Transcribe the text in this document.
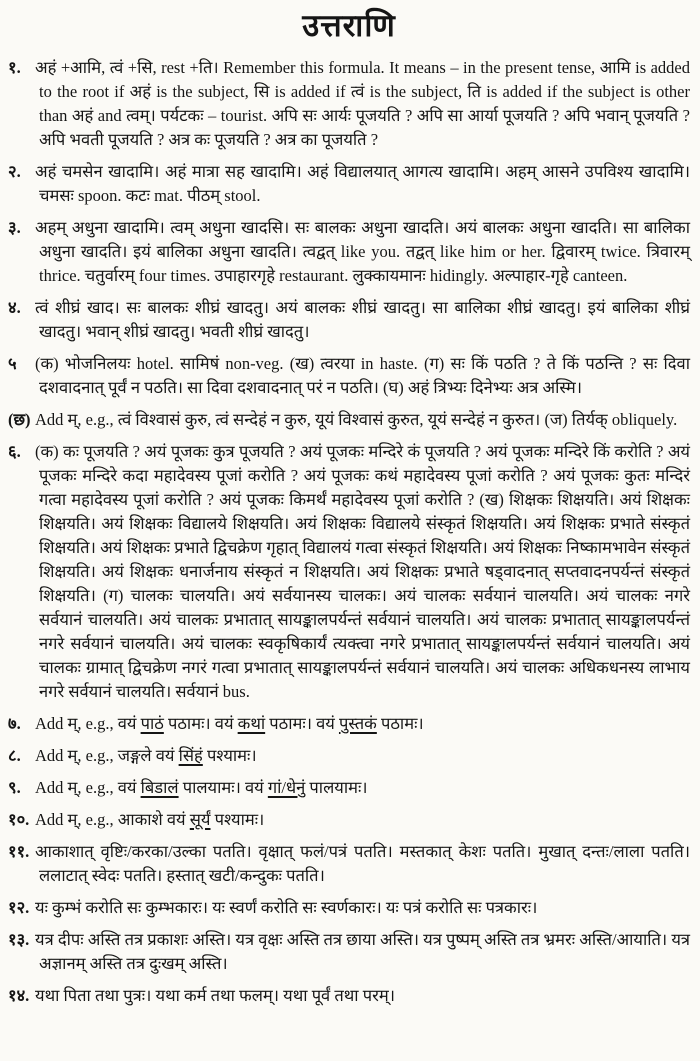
उत्तराणि
१. अहं +आमि, त्वं +सि, rest +ति। Remember this formula. It means – in the present tense, आमि is added to the root if अहं is the subject, सि is added if त्वं is the subject, ति is added if the subject is other than अहं and त्वम्। पर्यटकः – tourist. अपि सः आर्यः पूजयति ? अपि सा आर्या पूजयति ? अपि भवान् पूजयति ? अपि भवती पूजयति ? अत्र कः पूजयति ? अत्र का पूजयति ?
२. अहं चमसेन खादामि। अहं मात्रा सह खादामि। अहं विद्यालयात् आगत्य खादामि। अहम् आसने उपविश्य खादामि। चमसः spoon. कटः mat. पीठम् stool.
३. अहम् अधुना खादामि। त्वम् अधुना खादसि। सः बालकः अधुना खादति। अयं बालकः अधुना खादति। सा बालिका अधुना खादति। इयं बालिका अधुना खादति। त्वद्वत् like you. तद्वत् like him or her. द्विवारम् twice. त्रिवारम् thrice. चतुर्वारम् four times. उपाहारगृहे restaurant. लुक्कायमानः hidingly. अल्पाहार-गृहे canteen.
४. त्वं शीघ्रं खाद। सः बालकः शीघ्रं खादतु। अयं बालकः शीघ्रं खादतु। सा बालिका शीघ्रं खादतु। इयं बालिका शीघ्रं खादतु। भवान् शीघ्रं खादतु। भवती शीघ्रं खादतु।
५ (क) भोजनिलयः hotel. सामिषं non-veg. (ख) त्वरया in haste. (ग) सः किं पठति ? ते किं पठन्ति ? सः दिवा दशवादनात् पूर्वं न पठति। सा दिवा दशवादनात् परं न पठति। (घ) अहं त्रिभ्यः दिनेभ्यः अत्र अस्मि।
(छ) Add म्, e.g., त्वं विश्वासं कुरु, त्वं सन्देहं न कुरु, यूयं विश्वासं कुरुत, यूयं सन्देहं न कुरुत। (ज) तिर्यक् obliquely.
६. (क) कः पूजयति ? अयं पूजकः कुत्र पूजयति ? अयं पूजकः मन्दिरे कं पूजयति ? अयं पूजकः मन्दिरे किं करोति ? अयं पूजकः मन्दिरे कदा महादेवस्य पूजां करोति ? अयं पूजकः कथं महादेवस्य पूजां करोति ? अयं पूजकः कुतः मन्दिरं गत्वा महादेवस्य पूजां करोति ? अयं पूजकः किमर्थं महादेवस्य पूजां करोति ? (ख) शिक्षकः शिक्षयति। अयं शिक्षकः शिक्षयति। अयं शिक्षकः विद्यालये शिक्षयति। अयं शिक्षकः विद्यालये संस्कृतं शिक्षयति। अयं शिक्षकः प्रभाते संस्कृतं शिक्षयति। अयं शिक्षकः प्रभाते द्विचक्रेण गृहात् विद्यालयं गत्वा संस्कृतं शिक्षयति। अयं शिक्षकः निष्कामभावेन संस्कृतं शिक्षयति। अयं शिक्षकः धनार्जनाय संस्कृतं न शिक्षयति। अयं शिक्षकः प्रभाते षड्वादनात् सप्तवादनपर्यन्तं संस्कृतं शिक्षयति। (ग) चालकः चालयति। अयं सर्वयानस्य चालकः। अयं चालकः सर्वयानं चालयति। अयं चालकः नगरे सर्वयानं चालयति। अयं चालकः प्रभातात् सायङ्कालपर्यन्तं सर्वयानं चालयति। अयं चालकः प्रभातात् सायङ्कालपर्यन्तं नगरे सर्वयानं चालयति। अयं चालकः स्वकृषिकार्यं त्यक्त्वा नगरे प्रभातात् सायङ्कालपर्यन्तं सर्वयानं चालयति। अयं चालकः ग्रामात् द्विचक्रेण नगरं गत्वा प्रभातात् सायङ्कालपर्यन्तं सर्वयानं चालयति। अयं चालकः अधिकधनस्य लाभाय नगरे सर्वयानं चालयति। सर्वयानं bus.
७. Add म्, e.g., वयं पाठं पठामः। वयं कथां पठामः। वयं पुस्तकं पठामः।
८. Add म्, e.g., जङ्गले वयं सिंहं पश्यामः।
९. Add म्, e.g., वयं बिडालं पालयामः। वयं गां/धेनुं पालयामः।
१०. Add म्, e.g., आकाशे वयं सूर्यं पश्यामः।
११. आकाशात् वृष्टिः/करका/उल्का पतति। वृक्षात् फलं/पत्रं पतति। मस्तकात् केशः पतति। मुखात् दन्तः/लाला पतति। ललाटात् स्वेदः पतति। हस्तात् खटी/कन्दुकः पतति।
१२. यः कुम्भं करोति सः कुम्भकारः। यः स्वर्णं करोति सः स्वर्णकारः। यः पत्रं करोति सः पत्रकारः।
१३. यत्र दीपः अस्ति तत्र प्रकाशः अस्ति। यत्र वृक्षः अस्ति तत्र छाया अस्ति। यत्र पुष्पम् अस्ति तत्र भ्रमरः अस्ति/आयाति। यत्र अज्ञानम् अस्ति तत्र दुःखम् अस्ति।
१४. यथा पिता तथा पुत्रः। यथा कर्म तथा फलम्। यथा पूर्वं तथा परम्।
